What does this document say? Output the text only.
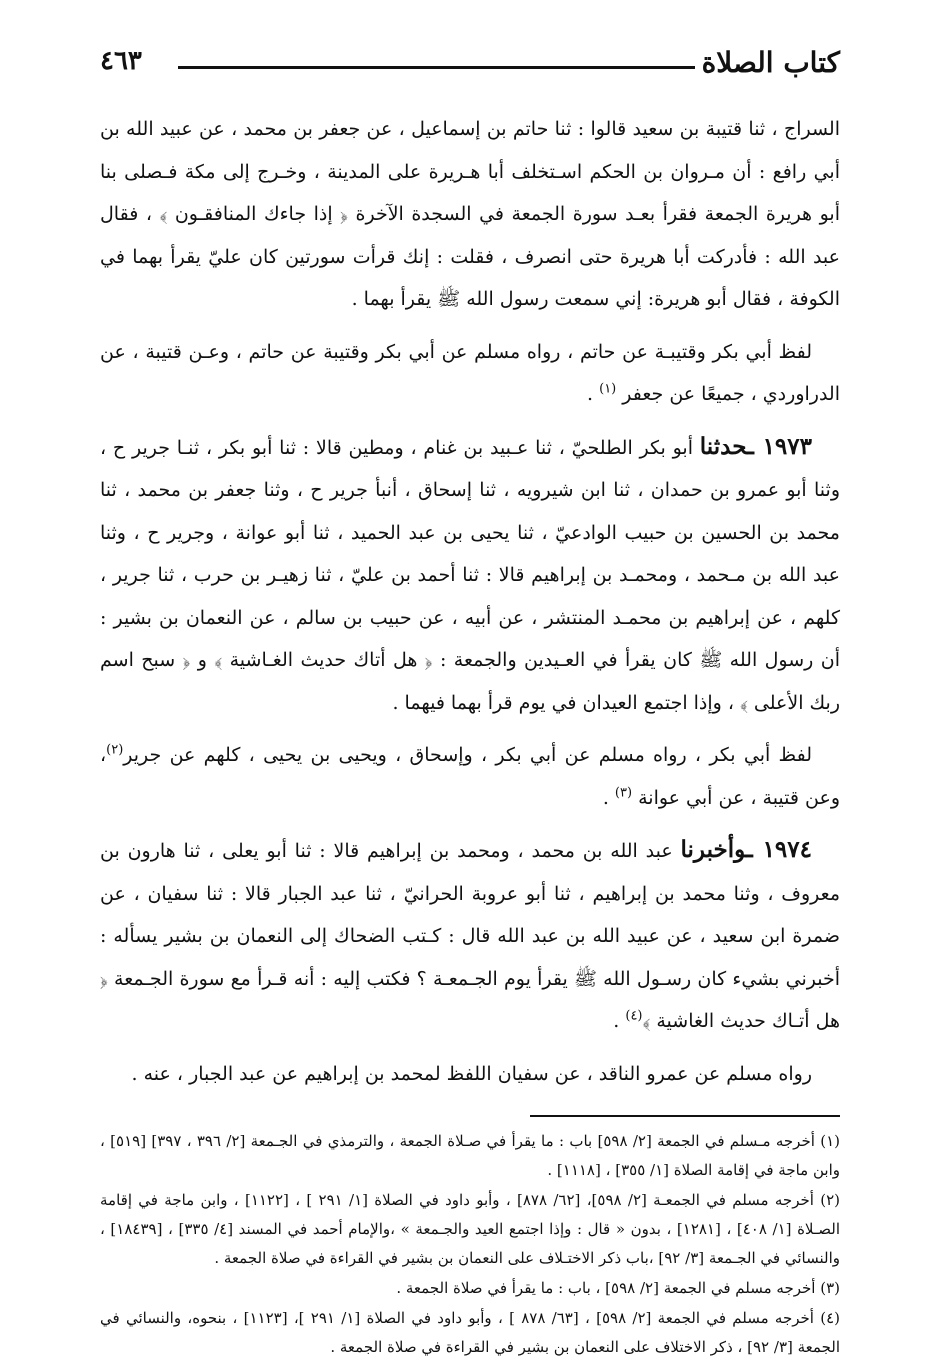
كتاب الصلاة
٤٦٣

السراج ، ثنا قتيبة بن سعيد قالوا : ثنا حاتم بن إسماعيل ، عن جعفر بن محمد ، عن عبيد الله بن أبي رافع : أن مـروان بن الحكم اسـتخلف أبا هـريرة على المدينة ، وخـرج إلى مكة فـصلى بنا أبو هريرة الجمعة فقرأ بعـد سورة الجمعة في السجدة الآخرة ﴿ إذا جاءك المنافقـون ﴾ ، فقال عبد الله : فأدركت أبا هريرة حتى انصرف ، فقلت : إنك قرأت سورتين كان عليّ يقرأ بهما في الكوفة ، فقال أبو هريرة: إني سمعت رسول الله ﷺ يقرأ بهما .

لفظ أبي بكر وقتيبـة عن حاتم ، رواه مسلم عن أبي بكر وقتيبة عن حاتم ، وعـن قتيبة ، عن الدراوردي ، جميعًا عن جعفر $^{(١)}$ .

١٩٧٣ ـحدثنا أبو بكر الطلحيّ ، ثنا عـبيد بن غنام ، ومطين قالا : ثنا أبو بكر ، ثنـا جرير ح ، وثنا أبو عمرو بن حمدان ، ثنا ابن شيرويه ، ثنا إسحاق ، أنبأ جرير ح ، وثنا جعفر بن محمد ، ثنا محمد بن الحسين بن حبيب الوادعيّ ، ثنا يحيى بن عبد الحميد ، ثنا أبو عوانة ، وجرير ح ، وثنا عبد الله بن مـحمد ، ومحمـد بن إبراهيم قالا : ثنا أحمد بن عليّ ، ثنا زهيـر بن حرب ، ثنا جرير ، كلهم ، عن إبراهيم بن محمـد المنتشر ، عن أبيه ، عن حبيب بن سالم ، عن النعمان بن بشير : أن رسول الله ﷺ كان يقرأ في العـيدين والجمعة : ﴿ هل أتاك حديث الغـاشية ﴾ و ﴿ سبح اسم ربك الأعلى ﴾ ، وإذا اجتمع العيدان في يوم قرأ بهما فيهما .

لفظ أبي بكر ، رواه مسلم عن أبي بكر ، وإسحاق ، ويحيى بن يحيى ، كلهم عن جرير$^{(٢)}$، وعن قتيبة ، عن أبي عوانة $^{(٣)}$ .

١٩٧٤ ـوأخبرنا عبد الله بن محمد ، ومحمد بن إبراهيم قالا : ثنا أبو يعلى ، ثنا هارون بن معروف ، وثنا محمد بن إبراهيم ، ثنا أبو عروبة الحرانيّ ، ثنا عبد الجبار قالا : ثنا سفيان ، عن ضمرة ابن سعيد ، عن عبيد الله بن عبد الله قال : كـتب الضحاك إلى النعمان بن بشير يسأله : أخبرني بشيء كان رسـول الله ﷺ يقرأ يوم الجـمعـة ؟ فكتب إليه : أنه قـرأ مع سورة الجـمعة ﴿ هل أتـاك حديث الغاشية ﴾$^{(٤)}$ .

رواه مسلم عن عمرو الناقد ، عن سفيان اللفظ لمحمد بن إبراهيم عن عبد الجبار ، عنه .

(١) أخرجه مـسلم في الجمعة [٢/ ٥٩٨] باب : ما يقرأ في صـلاة الجمعة ، والترمذي في الجـمعة [٢/ ٣٩٦ ، ٣٩٧] [٥١٩] ، وابن ماجة في إقامة الصلاة [١/ ٣٥٥] ، [١١١٨] .
(٢) أخرجه مسلم في الجمعـة [٢/ ٥٩٨]، [٦٢/ ٨٧٨] ، وأبو داود في الصلاة [١/ ٢٩١ ] ، [١١٢٢] ، وابن ماجة في إقامة الصـلاة [١/ ٤٠٨] ، [١٢٨١] ، بدون « قال : وإذا اجتمع العيد والجـمعة » ،والإمام أحمد في المسند [٤/ ٣٣٥] ، [١٨٤٣٩] ، والنسائي في الجـمعة [٣/ ٩٢] ،باب ذكر الاختـلاف على النعمان بن بشير في القراءة في صلاة الجمعة .
(٣) أخرجه مسلم في الجمعة [٢/ ٥٩٨] ، باب : ما يقرأ في صلاة الجمعة .
(٤) أخرجه مسلم في الجمعة [٢/ ٥٩٨] ، [٦٣/ ٨٧٨ ] ، وأبو داود في الصلاة [١/ ٢٩١ ]، [١١٢٣] ، بنحوه، والنسائي في الجمعة [٣/ ٩٢] ، ذكر الاختلاف على النعمان بن بشير في القراءة في صلاة الجمعة .
